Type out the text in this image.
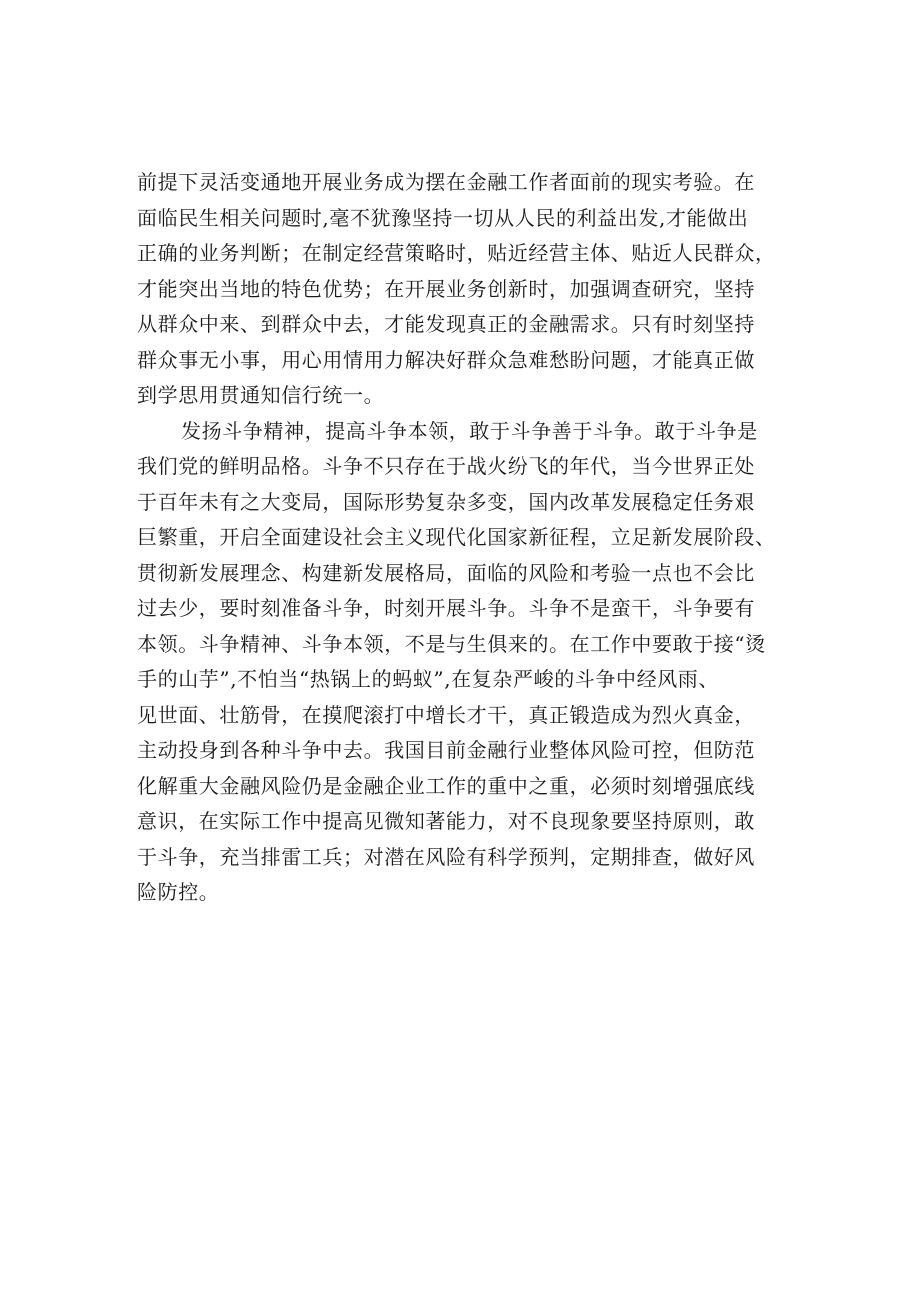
前提下灵活变通地开展业务成为摆在金融工作者面前的现实考验。在
面临民生相关问题时,毫不犹豫坚持一切从人民的利益出发,才能做出
正确的业务判断；在制定经营策略时，贴近经营主体、贴近人民群众，
才能突出当地的特色优势；在开展业务创新时，加强调查研究，坚持
从群众中来、到群众中去，才能发现真正的金融需求。只有时刻坚持
群众事无小事，用心用情用力解决好群众急难愁盼问题，才能真正做
到学思用贯通知信行统一。
发扬斗争精神，提高斗争本领，敢于斗争善于斗争。敢于斗争是
我们党的鲜明品格。斗争不只存在于战火纷飞的年代，当今世界正处
于百年未有之大变局，国际形势复杂多变，国内改革发展稳定任务艰
巨繁重，开启全面建设社会主义现代化国家新征程，立足新发展阶段、
贯彻新发展理念、构建新发展格局，面临的风险和考验一点也不会比
过去少，要时刻准备斗争，时刻开展斗争。斗争不是蛮干，斗争要有
本领。斗争精神、斗争本领，不是与生俱来的。在工作中要敢于接“烫
手的山芋”,不怕当“热锅上的蚂蚁”,在复杂严峻的斗争中经风雨、
见世面、壮筋骨，在摸爬滚打中增长才干，真正锻造成为烈火真金，
主动投身到各种斗争中去。我国目前金融行业整体风险可控，但防范
化解重大金融风险仍是金融企业工作的重中之重，必须时刻增强底线
意识，在实际工作中提高见微知著能力，对不良现象要坚持原则，敢
于斗争，充当排雷工兵；对潜在风险有科学预判，定期排查，做好风
险防控。
